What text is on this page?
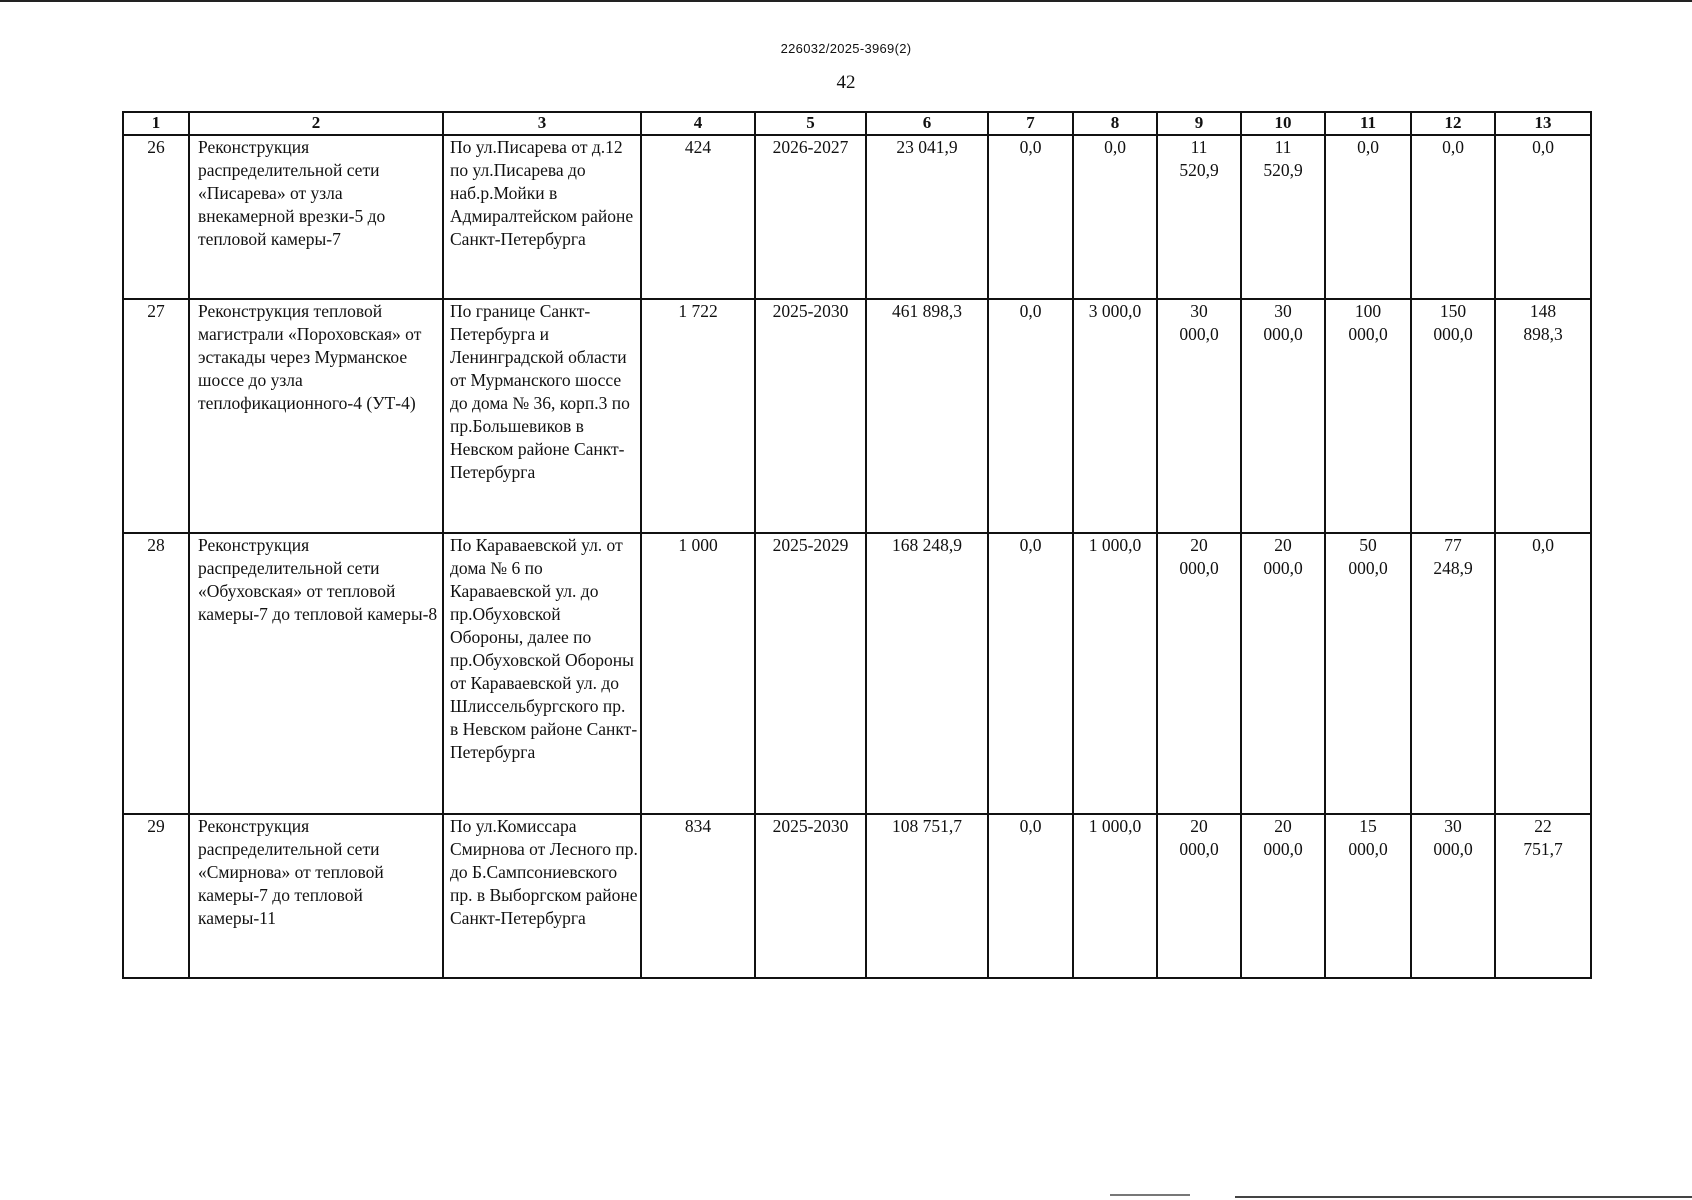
226032/2025-3969(2)
42
1	2	3	4	5	6	7	8	9	10	11	12	13
26	Реконструкция распределительной сети «Писарева» от узла внекамерной врезки-5 до тепловой камеры-7	По ул.Писарева от д.12 по ул.Писарева до наб.р.Мойки в Адмиралтейском районе Санкт-Петербурга	424	2026-2027	23 041,9	0,0	0,0	11 520,9	11 520,9	0,0	0,0	0,0
27	Реконструкция тепловой магистрали «Пороховская» от эстакады через Мурманское шоссе до узла теплофикационного-4 (УТ-4)	По границе Санкт-Петербурга и Ленинградской области от Мурманского шоссе до дома № 36, корп.3 по пр.Большевиков в Невском районе Санкт-Петербурга	1 722	2025-2030	461 898,3	0,0	3 000,0	30 000,0	30 000,0	100 000,0	150 000,0	148 898,3
28	Реконструкция распределительной сети «Обуховская» от тепловой камеры-7 до тепловой камеры-8	По Караваевской ул. от дома № 6 по Караваевской ул. до пр.Обуховской Обороны, далее по пр.Обуховской Обороны от Караваевской ул. до Шлиссельбургского пр. в Невском районе Санкт-Петербурга	1 000	2025-2029	168 248,9	0,0	1 000,0	20 000,0	20 000,0	50 000,0	77 248,9	0,0
29	Реконструкция распределительной сети «Смирнова» от тепловой камеры-7 до тепловой камеры-11	По ул.Комиссара Смирнова от Лесного пр. до Б.Сампсониевского пр. в Выборгском районе Санкт-Петербурга	834	2025-2030	108 751,7	0,0	1 000,0	20 000,0	20 000,0	15 000,0	30 000,0	22 751,7
